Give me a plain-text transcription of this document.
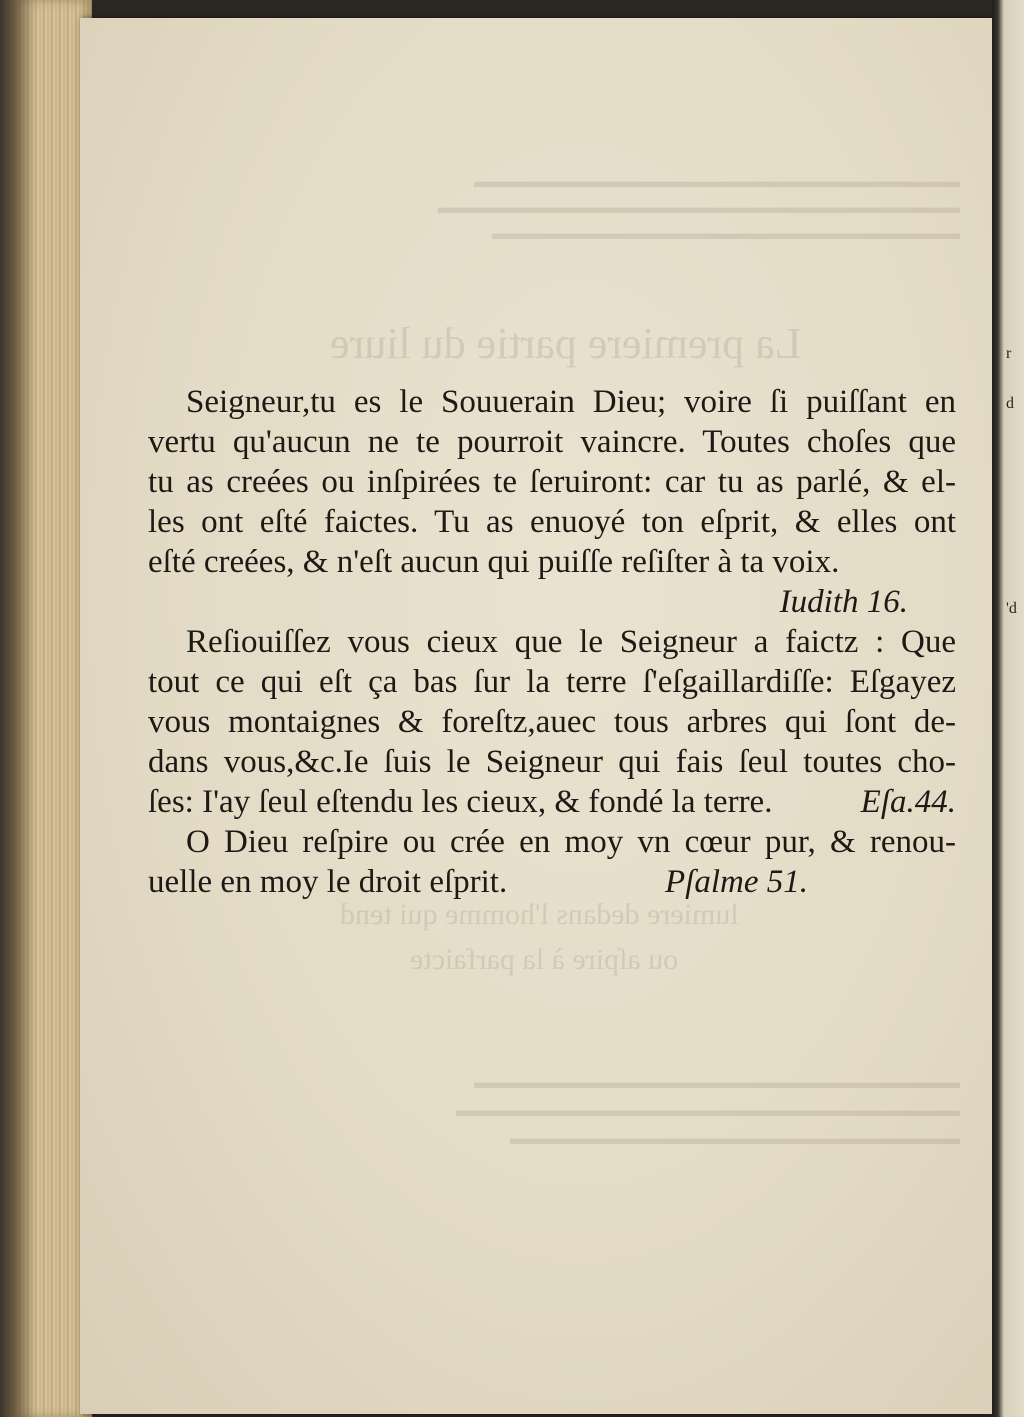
La premiere partie du liure
lumiere dedans l'homme qui tend
ou aſpire à la parfaicte
▬▬▬▬▬▬▬▬▬▬▬▬▬▬▬▬▬▬▬▬▬▬▬▬▬▬▬ ▬▬▬▬▬▬▬▬▬▬▬▬▬▬▬▬▬▬▬▬▬▬▬▬▬▬▬▬▬ ▬▬▬▬▬▬▬▬▬▬▬▬▬▬▬▬▬▬▬▬▬▬▬▬▬▬
▬▬▬▬▬▬▬▬▬▬▬▬▬▬▬▬▬▬▬▬▬▬▬▬▬▬▬ ▬▬▬▬▬▬▬▬▬▬▬▬▬▬▬▬▬▬▬▬▬▬▬▬▬▬▬▬ ▬▬▬▬▬▬▬▬▬▬▬▬▬▬▬▬▬▬▬▬▬▬▬▬▬
r
d
'd
Seigneur,tu es le Souuerain Dieu; voire ſi puiſſant en
vertu qu'aucun ne te pourroit vaincre. Toutes choſes que
tu as creées ou inſpirées te ſeruiront: car tu as parlé, & el-
les ont eſté faictes. Tu as enuoyé ton eſprit, & elles ont
eſté creées, & n'eſt aucun qui puiſſe reſiſter à ta voix.
Iudith 16.
Reſiouiſſez vous cieux que le Seigneur a faictz : Que
tout ce qui eſt ça bas ſur la terre ſ'eſgaillardiſſe: Eſgayez
vous montaignes & foreſtz,auec tous arbres qui ſont de-
dans vous,&c.Ie ſuis le Seigneur qui fais ſeul toutes cho-
ſes: I'ay ſeul eſtendu les cieux, & fondé la terre.	Eſa.44.
O Dieu reſpire ou crée en moy vn cœur pur, & renou-
uelle en moy le droit eſprit.	Pſalme 51.
